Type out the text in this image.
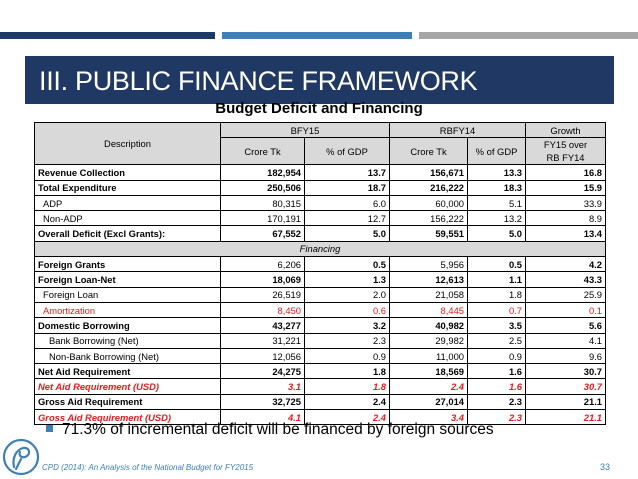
III. PUBLIC FINANCE FRAMEWORK
Budget Deficit and Financing
Description	BFY15		RBFY14		Growth
	Crore Tk	% of GDP	Crore Tk	% of GDP	FY15 over
RB FY14

Revenue Collection	182,954	13.7	156,671	13.3	16.8
Total Expenditure	250,506	18.7	216,222	18.3	15.9
ADP	80,315	6.0	60,000	5.1	33.9
Non-ADP	170,191	12.7	156,222	13.2	8.9
Overall Deficit (Excl Grants):	67,552	5.0	59,551	5.0	13.4
Financing					
Foreign Grants	6,206	0.5	5,956	0.5	4.2
Foreign Loan-Net	18,069	1.3	12,613	1.1	43.3
Foreign Loan	26,519	2.0	21,058	1.8	25.9
Amortization	8,450	0.6	8,445	0.7	0.1
Domestic Borrowing	43,277	3.2	40,982	3.5	5.6
Bank Borrowing (Net)	31,221	2.3	29,982	2.5	4.1
Non-Bank Borrowing (Net)	12,056	0.9	11,000	0.9	9.6
Net Aid Requirement	24,275	1.8	18,569	1.6	30.7
Net Aid Requirement (USD)	3.1	1.8	2.4	1.6	30.7
Gross Aid Requirement	32,725	2.4	27,014	2.3	21.1
Gross Aid Requirement (USD)	4.1	2.4	3.4	2.3	21.1
71.3% of incremental deficit will be financed by foreign sources
CPD (2014): An Analysis of the National Budget for FY2015	33
